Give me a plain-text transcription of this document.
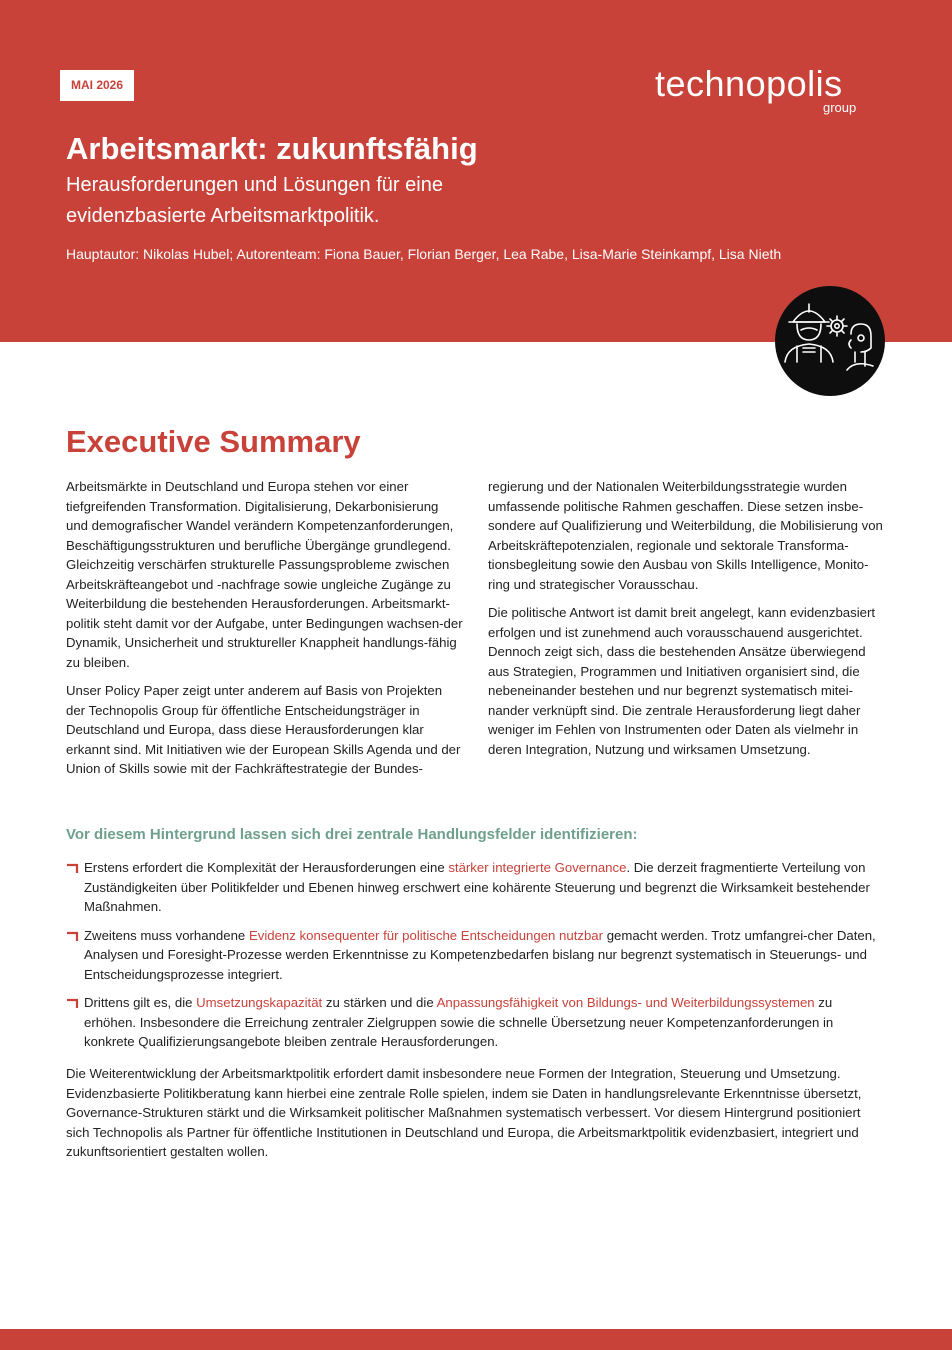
MAI 2026	technopolis
group
Arbeitsmarkt: zukunftsfähig
Herausforderungen und Lösungen für eine
evidenzbasierte Arbeitsmarktpolitik.
Hauptautor: Nikolas Hubel; Autorenteam: Fiona Bauer, Florian Berger, Lea Rabe, Lisa-Marie Steinkampf, Lisa Nieth
Executive Summary

Arbeitsmärkte in Deutschland und Europa stehen vor einer tiefgreifenden Transformation. Digitalisierung, Dekarbonisierung und demografischer Wandel verändern Kompetenzanforderungen, Beschäftigungsstrukturen und berufliche Übergänge grundlegend. Gleichzeitig verschärfen strukturelle Passungsprobleme zwischen Arbeitskräfteangebot und -nachfrage sowie ungleiche Zugänge zu Weiterbildung die bestehenden Herausforderungen. Arbeitsmarkt-politik steht damit vor der Aufgabe, unter Bedingungen wachsen-der Dynamik, Unsicherheit und struktureller Knappheit handlungs-fähig zu bleiben.

Unser Policy Paper zeigt unter anderem auf Basis von Projekten der Technopolis Group für öffentliche Entscheidungsträger in Deutschland und Europa, dass diese Herausforderungen klar erkannt sind. Mit Initiativen wie der European Skills Agenda und der Union of Skills sowie mit der Fachkräftestrategie der Bundes-

regierung und der Nationalen Weiterbildungsstrategie wurden umfassende politische Rahmen geschaffen. Diese setzen insbe-sondere auf Qualifizierung und Weiterbildung, die Mobilisierung von Arbeitskräftepotenzialen, regionale und sektorale Transforma-tionsbegleitung sowie den Ausbau von Skills Intelligence, Monito-ring und strategischer Vorausschau.

Die politische Antwort ist damit breit angelegt, kann evidenzbasiert erfolgen und ist zunehmend auch vorausschauend ausgerichtet. Dennoch zeigt sich, dass die bestehenden Ansätze überwiegend aus Strategien, Programmen und Initiativen organisiert sind, die nebeneinander bestehen und nur begrenzt systematisch mitei-nander verknüpft sind. Die zentrale Herausforderung liegt daher weniger im Fehlen von Instrumenten oder Daten als vielmehr in deren Integration, Nutzung und wirksamen Umsetzung.

Vor diesem Hintergrund lassen sich drei zentrale Handlungsfelder identifizieren:
Erstens erfordert die Komplexität der Herausforderungen eine stärker integrierte Governance. Die derzeit fragmentierte Verteilung von Zuständigkeiten über Politikfelder und Ebenen hinweg erschwert eine kohärente Steuerung und begrenzt die Wirksamkeit bestehender Maßnahmen.
Zweitens muss vorhandene Evidenz konsequenter für politische Entscheidungen nutzbar gemacht werden. Trotz umfangrei-cher Daten, Analysen und Foresight-Prozesse werden Erkenntnisse zu Kompetenzbedarfen bislang nur begrenzt systematisch in Steuerungs- und Entscheidungsprozesse integriert.
Drittens gilt es, die Umsetzungskapazität zu stärken und die Anpassungsfähigkeit von Bildungs- und Weiterbildungssystemen zu erhöhen. Insbesondere die Erreichung zentraler Zielgruppen sowie die schnelle Übersetzung neuer Kompetenzanforderungen in konkrete Qualifizierungsangebote bleiben zentrale Herausforderungen.

Die Weiterentwicklung der Arbeitsmarktpolitik erfordert damit insbesondere neue Formen der Integration, Steuerung und Umsetzung. Evidenzbasierte Politikberatung kann hierbei eine zentrale Rolle spielen, indem sie Daten in handlungsrelevante Erkenntnisse übersetzt, Governance-Strukturen stärkt und die Wirksamkeit politischer Maßnahmen systematisch verbessert. Vor diesem Hintergrund positioniert sich Technopolis als Partner für öffentliche Institutionen in Deutschland und Europa, die Arbeitsmarktpolitik evidenzbasiert, integriert und zukunftsorientiert gestalten wollen.
